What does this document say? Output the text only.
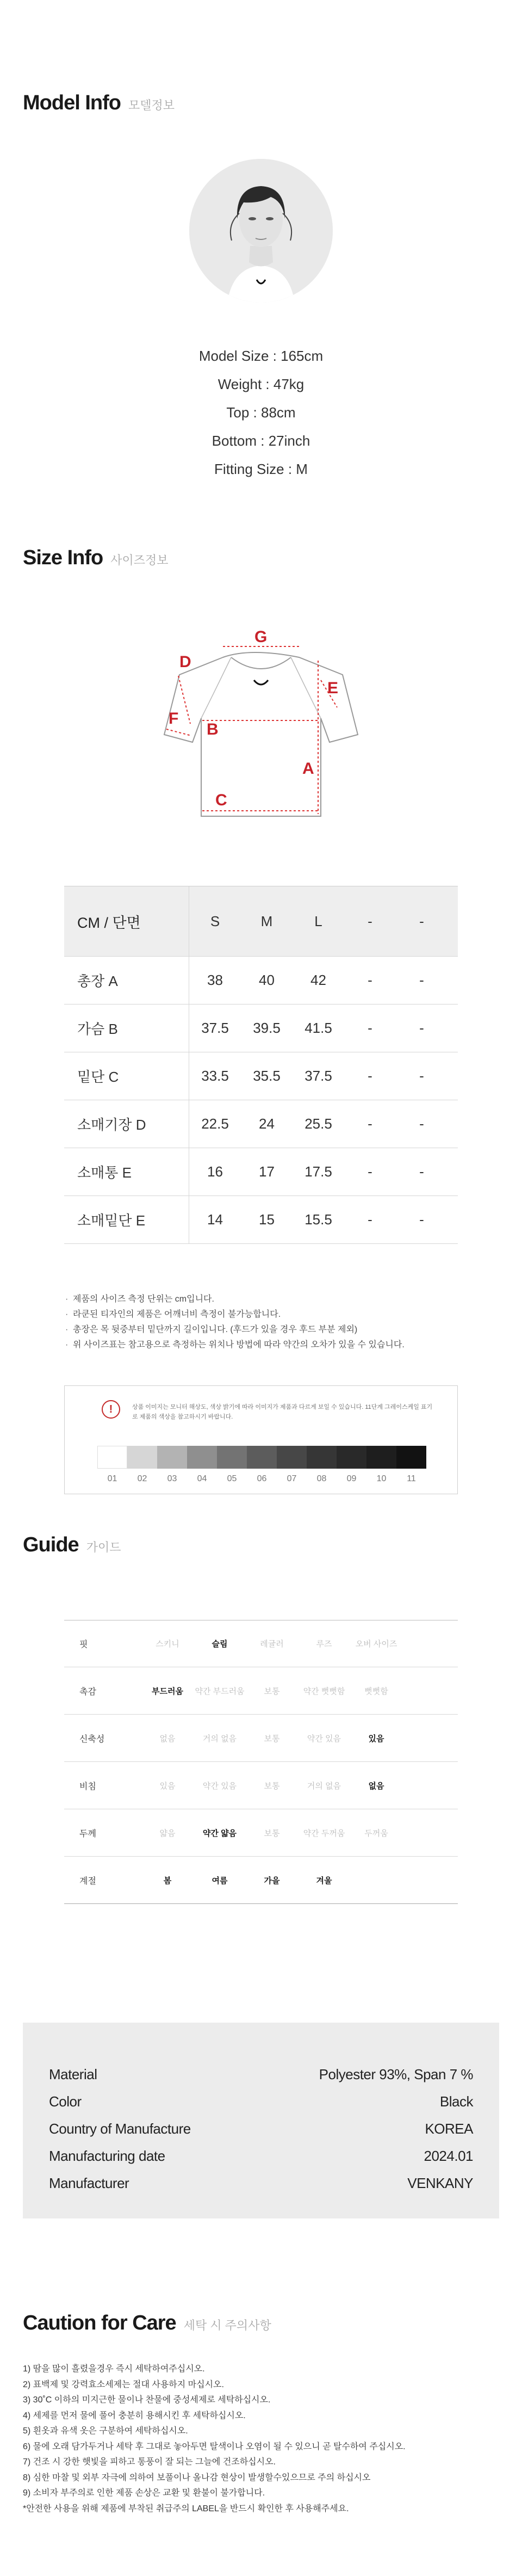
Model Info 모델정보
Model Size : 165cm
Weight : 47kg
Top : 88cm
Bottom : 27inch
Fitting Size : M
Size Info 사이즈정보
G
D
E
F
B
A
C
CM / 단면	S	M	L	-	-
총장 A	38	40	42	-	-
가슴 B	37.5	39.5	41.5	-	-
밑단 C	33.5	35.5	37.5	-	-
소매기장 D	22.5	24	25.5	-	-
소매통 E	16	17	17.5	-	-
소매밑단 E	14	15	15.5	-	-
· 제품의 사이즈 측정 단위는 cm입니다.
· 라쿤된 티자인의 제품은 어깨너비 측정이 불가능합니다.
· 총장은 목 뒷중부터 밑단까지 길이입니다. (후드가 있을 경우 후드 부분 제외)
· 위 사이즈표는 참고용으로 측정하는 위치나 방법에 따라 약간의 오차가 있을 수 있습니다.
!	상품 이미지는 모니터 해상도, 색상 밝기에 따라 이미지가 제품과 다르게 보일 수 있습니다. 11단계 그레이스케일 표기로 제품의 색상을 참고하시기 바랍니다.
01	02	03	04	05	06	07	08	09	10	11
Guide 가이드
핏	스키니	슬림	레귤러	루즈	오버 사이즈
촉감	부드러움	약간 부드러움	보통	약간 뻣뻣함	뻣뻣함
신축성	없음	거의 없음	보통	약간 있음	있음
비침	있음	약간 있음	보통	거의 없음	없음
두께	얇음	약간 얇음	보통	약간 두꺼움	두꺼움
계절	봄	여름	가을	겨울
Material	Polyester 93%, Span 7 %
Color	Black
Country of Manufacture	KOREA
Manufacturing date	2024.01
Manufacturer	VENKANY
Caution for Care 세탁 시 주의사항
1) 땀을 많이 흘렸을경우 즉시 세탁하여주십시오.
2) 표백제 및 강력효소세제는 절대 사용하지 마십시오.
3) 30˚C 이하의 미지근한 물이나 찬물에 중성세제로 세탁하십시오.
4) 세제를 먼저 물에 풀어 충분히 용해시킨 후 세탁하십시오.
5) 흰옷과 유색 옷은 구분하여 세탁하십시오.
6) 물에 오래 담가두거나 세탁 후 그대로 놓아두면 탈색이나 오염이 될 수 있으니 곧 탈수하여 주십시오.
7) 건조 시 강한 햇빛을 피하고 통풍이 잘 되는 그늘에 건조하십시오.
8) 심한 마찰 및 외부 자극에 의하여 보풀이나 올나감 현상이 발생할수있으므로 주의 하십시오
9) 소비자 부주의로 인한 제품 손상은 교환 및 환불이 불가합니다.
*안전한 사용을 위해 제품에 부착된 취급주의 LABEL을 반드시 확인한 후 사용해주세요.
